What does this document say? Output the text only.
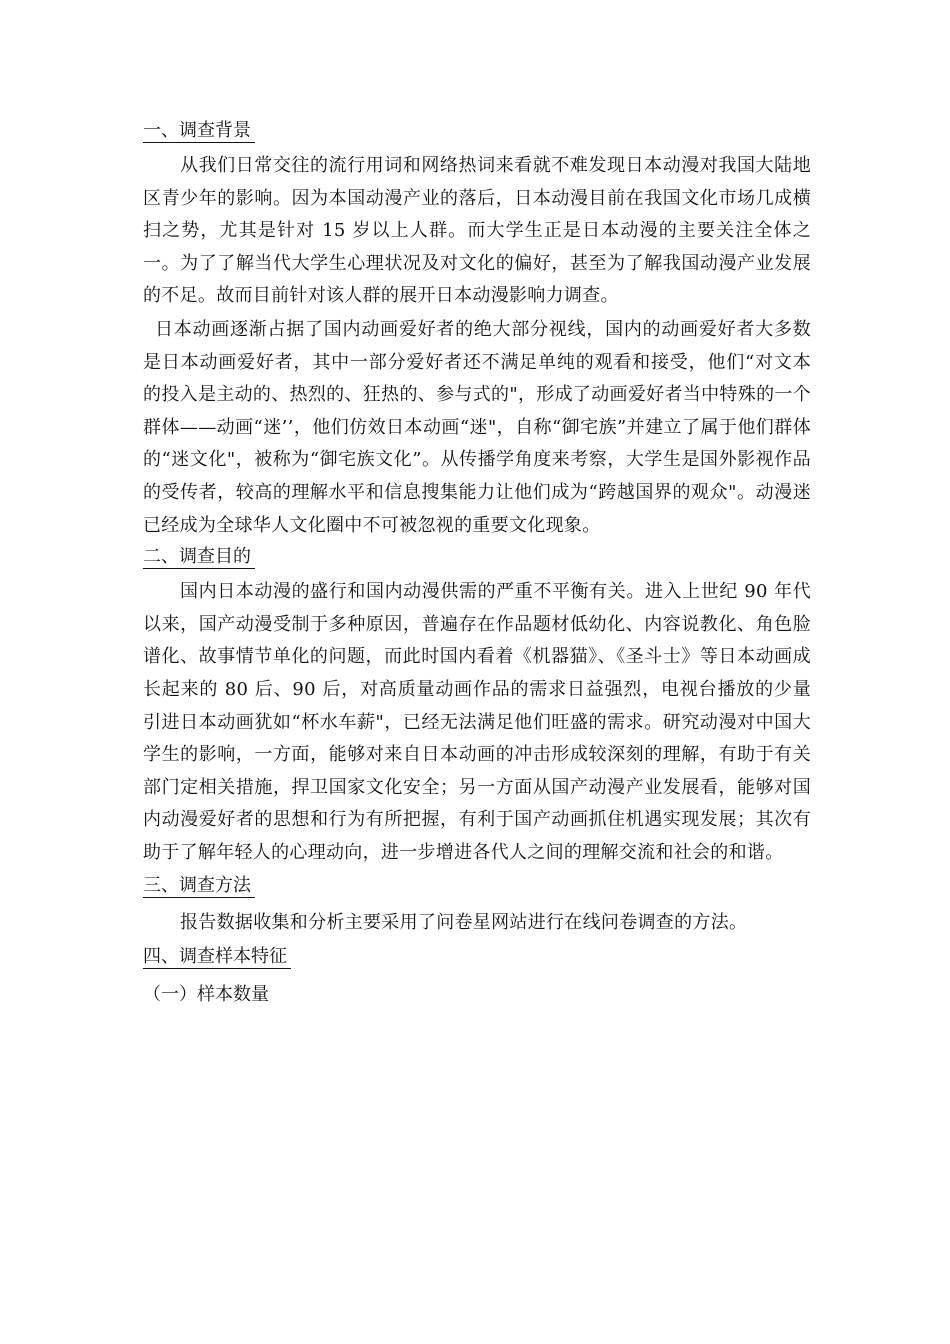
一、调查背景

从我们日常交往的流行用词和网络热词来看就不难发现日本动漫对我国大陆地区青少年的影响。因为本国动漫产业的落后，日本动漫目前在我国文化市场几成横扫之势，尤其是针对 15 岁以上人群。而大学生正是日本动漫的主要关注全体之一。为了了解当代大学生心理状况及对文化的偏好，甚至为了解我国动漫产业发展的不足。故而目前针对该人群的展开日本动漫影响力调查。

日本动画逐渐占据了国内动画爱好者的绝大部分视线，国内的动画爱好者大多数是日本动画爱好者，其中一部分爱好者还不满足单纯的观看和接受，他们“对文本的投入是主动的、热烈的、狂热的、参与式的"，形成了动画爱好者当中特殊的一个群体——动画“迷’’，他们仿效日本动画“迷"，自称“御宅族”并建立了属于他们群体的“迷文化"，被称为“御宅族文化”。从传播学角度来考察，大学生是国外影视作品的受传者，较高的理解水平和信息搜集能力让他们成为“跨越国界的观众"。动漫迷已经成为全球华人文化圈中不可被忽视的重要文化现象。

二、调查目的

国内日本动漫的盛行和国内动漫供需的严重不平衡有关。进入上世纪 90 年代以来，国产动漫受制于多种原因，普遍存在作品题材低幼化、内容说教化、角色脸谱化、故事情节单化的问题，而此时国内看着《机器猫》、《圣斗士》等日本动画成长起来的 80 后、90 后，对高质量动画作品的需求日益强烈，电视台播放的少量引进日本动画犹如“杯水车薪"，已经无法满足他们旺盛的需求。研究动漫对中国大学生的影响，一方面，能够对来自日本动画的冲击形成较深刻的理解，有助于有关部门定相关措施，捍卫国家文化安全；另一方面从国产动漫产业发展看，能够对国内动漫爱好者的思想和行为有所把握，有利于国产动画抓住机遇实现发展；其次有助于了解年轻人的心理动向，进一步增进各代人之间的理解交流和社会的和谐。

三、调查方法

报告数据收集和分析主要采用了问卷星网站进行在线问卷调查的方法。

四、调查样本特征

（一）样本数量
